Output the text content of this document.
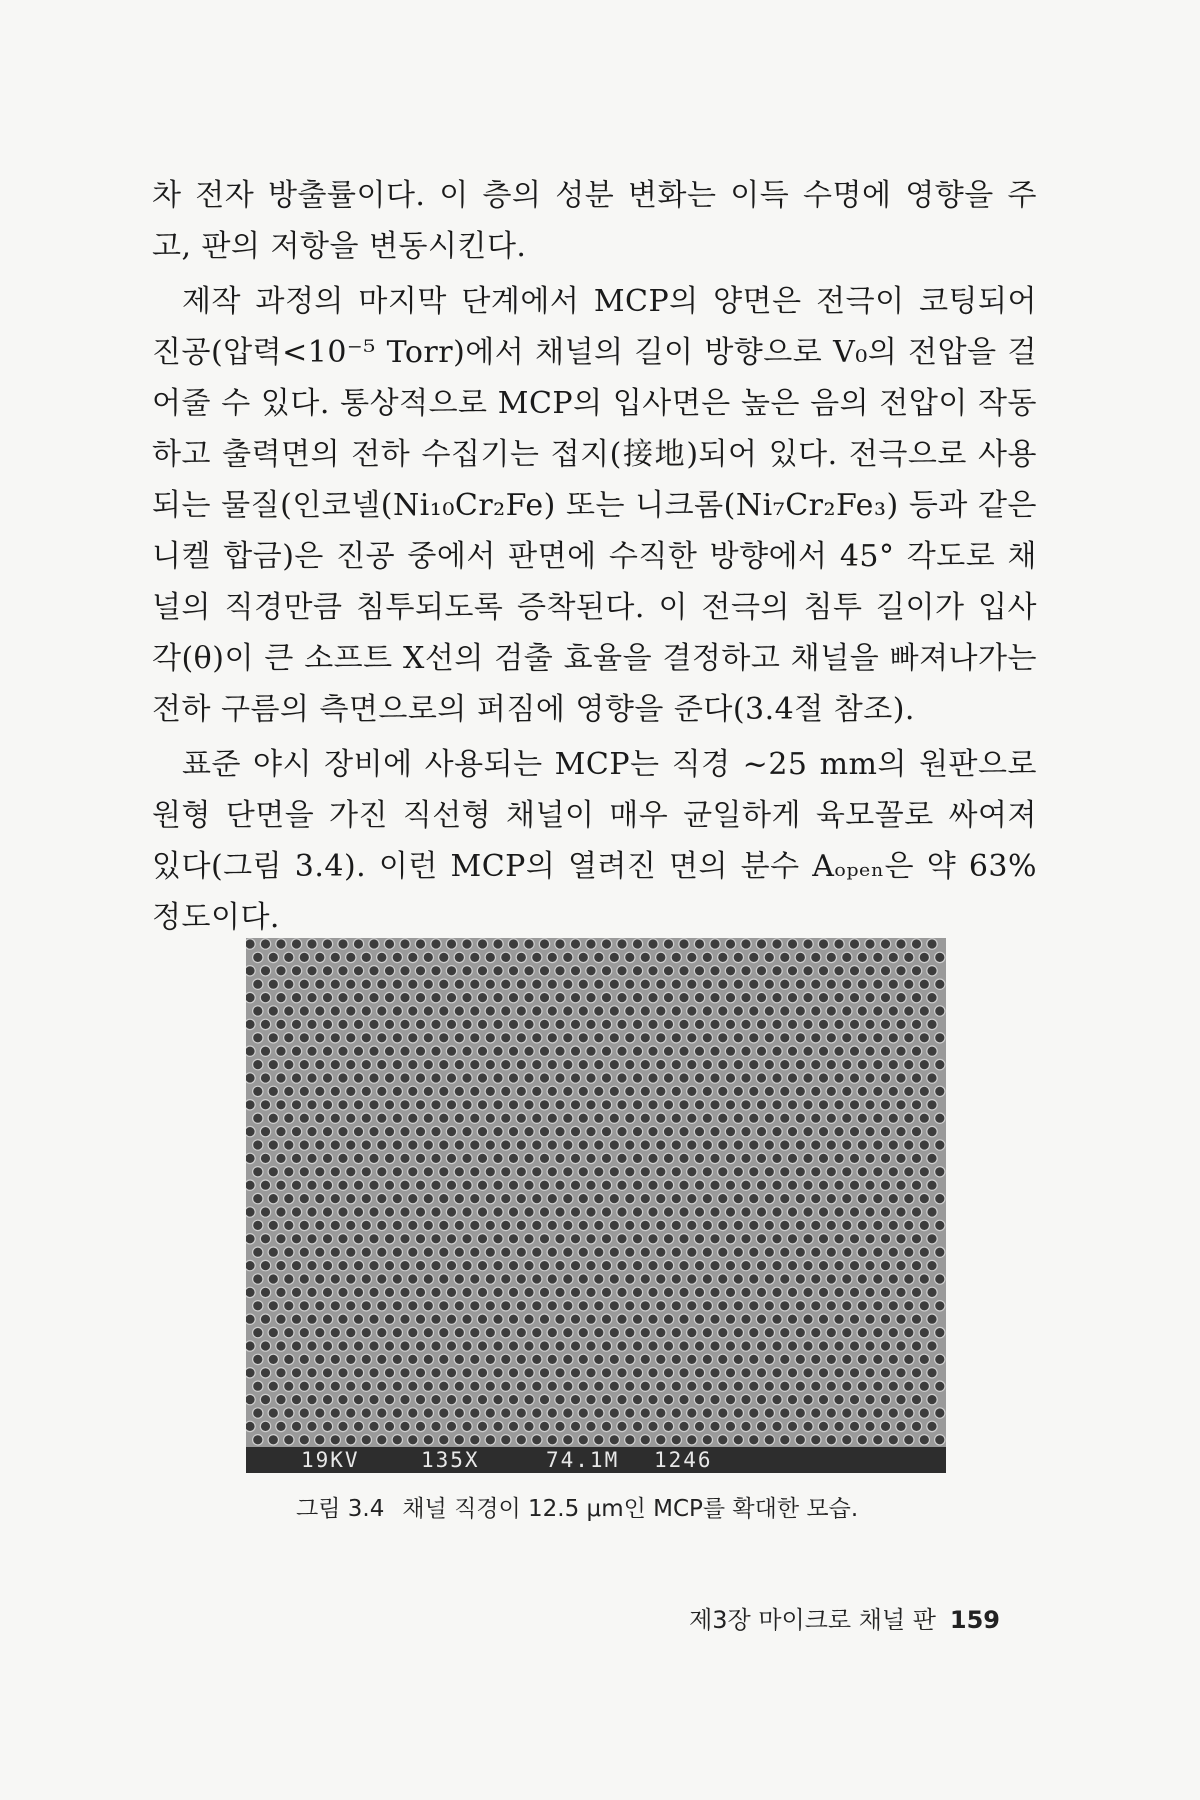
차 전자 방출률이다. 이 층의 성분 변화는 이득 수명에 영향을 주고, 판의 저항을 변동시킨다.

제작 과정의 마지막 단계에서 MCP의 양면은 전극이 코팅되어 진공(압력<10⁻⁵ Torr)에서 채널의 길이 방향으로 V₀의 전압을 걸어줄 수 있다. 통상적으로 MCP의 입사면은 높은 음의 전압이 작동하고 출력면의 전하 수집기는 접지(接地)되어 있다. 전극으로 사용되는 물질(인코넬(Ni₁₀Cr₂Fe) 또는 니크롬(Ni₇Cr₂Fe₃) 등과 같은 니켈 합금)은 진공 중에서 판면에 수직한 방향에서 45° 각도로 채널의 직경만큼 침투되도록 증착된다. 이 전극의 침투 길이가 입사각(θ)이 큰 소프트 X선의 검출 효율을 결정하고 채널을 빠져나가는 전하 구름의 측면으로의 퍼짐에 영향을 준다(3.4절 참조).

표준 야시 장비에 사용되는 MCP는 직경 ~25 mm의 원판으로 원형 단면을 가진 직선형 채널이 매우 균일하게 육모꼴로 싸여져 있다(그림 3.4). 이런 MCP의 열려진 면의 분수 Aₒₚₑₙ은 약 63% 정도이다.

19KV

	135X

	74.1M

1246

그림 3.4 채널 직경이 12.5 μm인 MCP를 확대한 모습.
제3장 마이크로 채널 판 159
